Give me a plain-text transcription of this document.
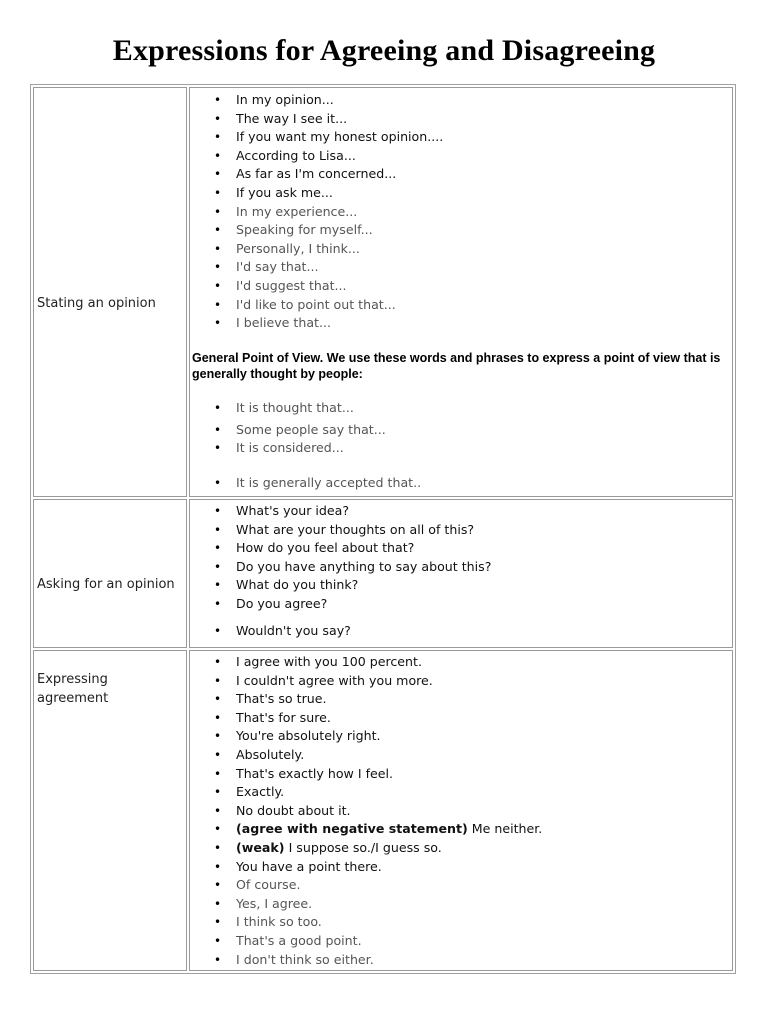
Expressions for Agreeing and Disagreeing
Stating an opinion
• In my opinion...
• The way I see it...
• If you want my honest opinion....
• According to Lisa...
• As far as I'm concerned...
• If you ask me...
• In my experience...
• Speaking for myself...
• Personally, I think...
• I'd say that...
• I'd suggest that...
• I'd like to point out that...
• I believe that...
General Point of View. We use these words and phrases to express a point of view that is generally thought by people:
• It is thought that...
• Some people say that...
• It is considered...
• It is generally accepted that..
Asking for an opinion
• What's your idea?
• What are your thoughts on all of this?
• How do you feel about that?
• Do you have anything to say about this?
• What do you think?
• Do you agree?
• Wouldn't you say?
Expressing agreement
• I agree with you 100 percent.
• I couldn't agree with you more.
• That's so true.
• That's for sure.
• You're absolutely right.
• Absolutely.
• That's exactly how I feel.
• Exactly.
• No doubt about it.
• (agree with negative statement) Me neither.
• (weak) I suppose so./I guess so.
• You have a point there.
• Of course.
• Yes, I agree.
• I think so too.
• That's a good point.
• I don't think so either.
